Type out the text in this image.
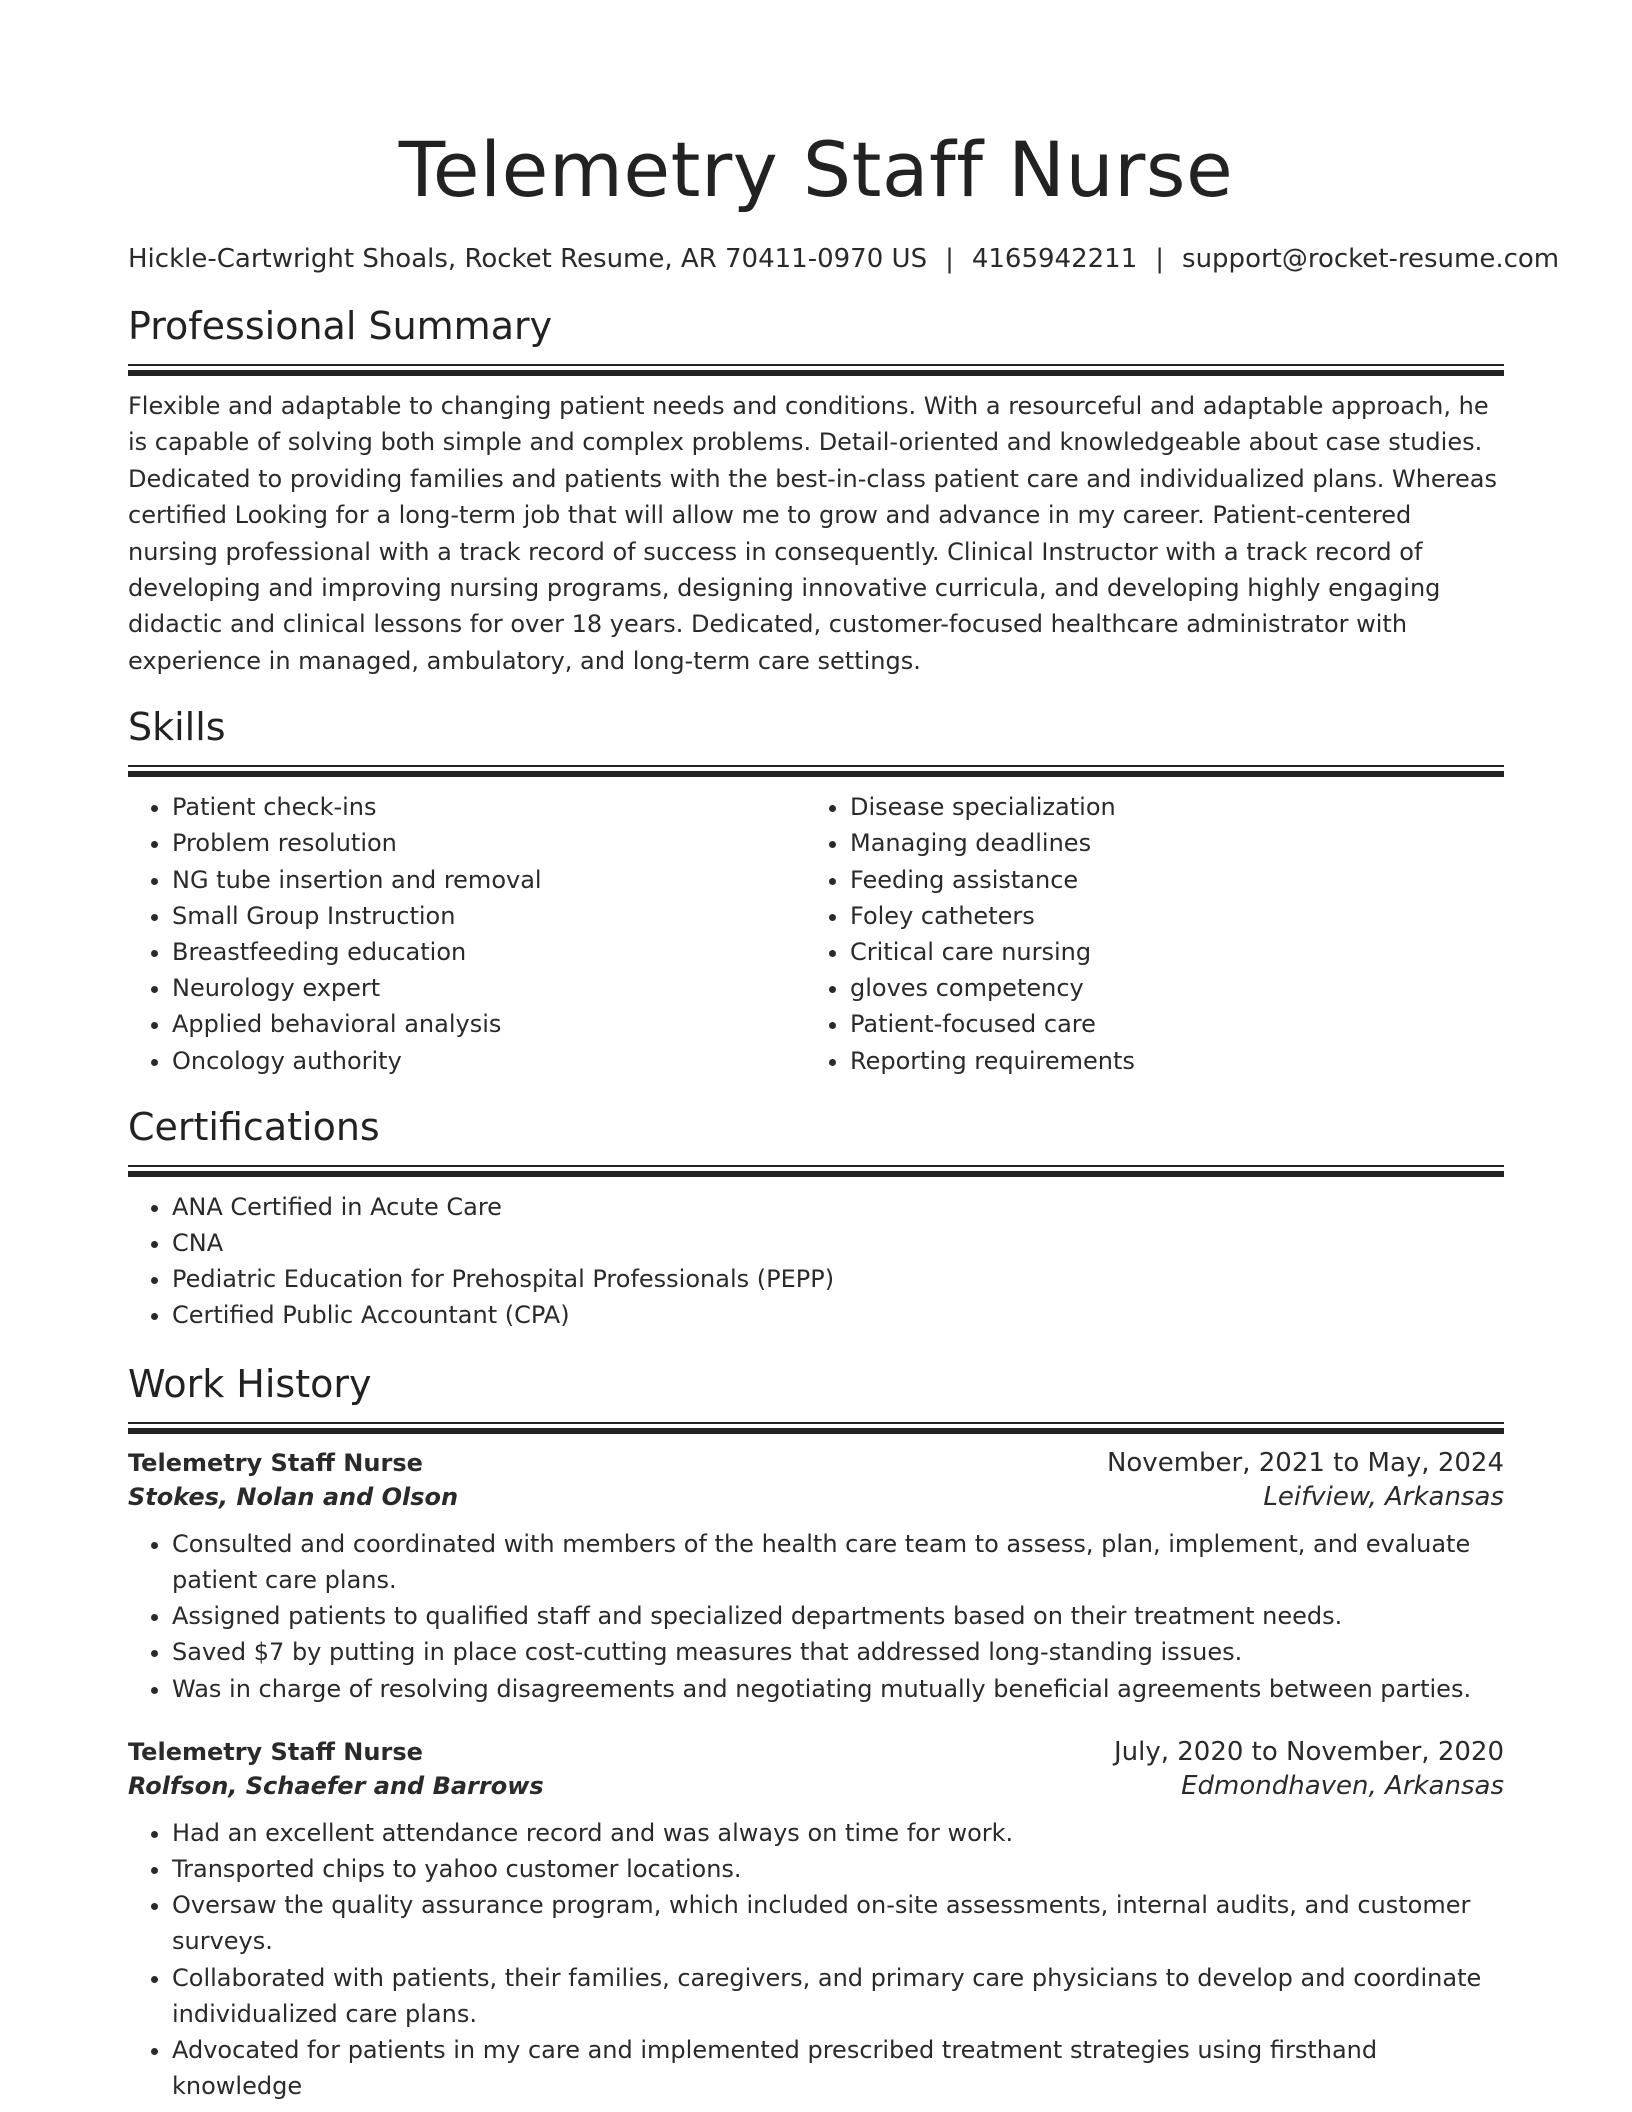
Telemetry Staff Nurse
Hickle-Cartwright Shoals, Rocket Resume, AR 70411-0970 US | 4165942211 | support@rocket-resume.com
Professional Summary

Flexible and adaptable to changing patient needs and conditions. With a resourceful and adaptable approach, he is capable of solving both simple and complex problems. Detail-oriented and knowledgeable about case studies. Dedicated to providing families and patients with the best-in-class patient care and individualized plans. Whereas certified Looking for a long-term job that will allow me to grow and advance in my career. Patient-centered nursing professional with a track record of success in consequently. Clinical Instructor with a track record of developing and improving nursing programs, designing innovative curricula, and developing highly engaging didactic and clinical lessons for over 18 years. Dedicated, customer-focused healthcare administrator with experience in managed, ambulatory, and long-term care settings.

Skills
• Patient check-ins
• Problem resolution
• NG tube insertion and removal
• Small Group Instruction
• Breastfeeding education
• Neurology expert
• Applied behavioral analysis
• Oncology authority
• Disease specialization
• Managing deadlines
• Feeding assistance
• Foley catheters
• Critical care nursing
• gloves competency
• Patient-focused care
• Reporting requirements
Certifications
• ANA Certified in Acute Care
• CNA
• Pediatric Education for Prehospital Professionals (PEPP)
• Certified Public Accountant (CPA)
Work History
Telemetry Staff Nurse	November, 2021 to May, 2024
Stokes, Nolan and Olson	Leifview, Arkansas
• Consulted and coordinated with members of the health care team to assess, plan, implement, and evaluate patient care plans.
• Assigned patients to qualified staff and specialized departments based on their treatment needs.
• Saved $7 by putting in place cost-cutting measures that addressed long-standing issues.
• Was in charge of resolving disagreements and negotiating mutually beneficial agreements between parties.
Telemetry Staff Nurse	July, 2020 to November, 2020
Rolfson, Schaefer and Barrows	Edmondhaven, Arkansas
• Had an excellent attendance record and was always on time for work.
• Transported chips to yahoo customer locations.
• Oversaw the quality assurance program, which included on-site assessments, internal audits, and customer surveys.
• Collaborated with patients, their families, caregivers, and primary care physicians to develop and coordinate individualized care plans.
• Advocated for patients in my care and implemented prescribed treatment strategies using firsthand knowledge
